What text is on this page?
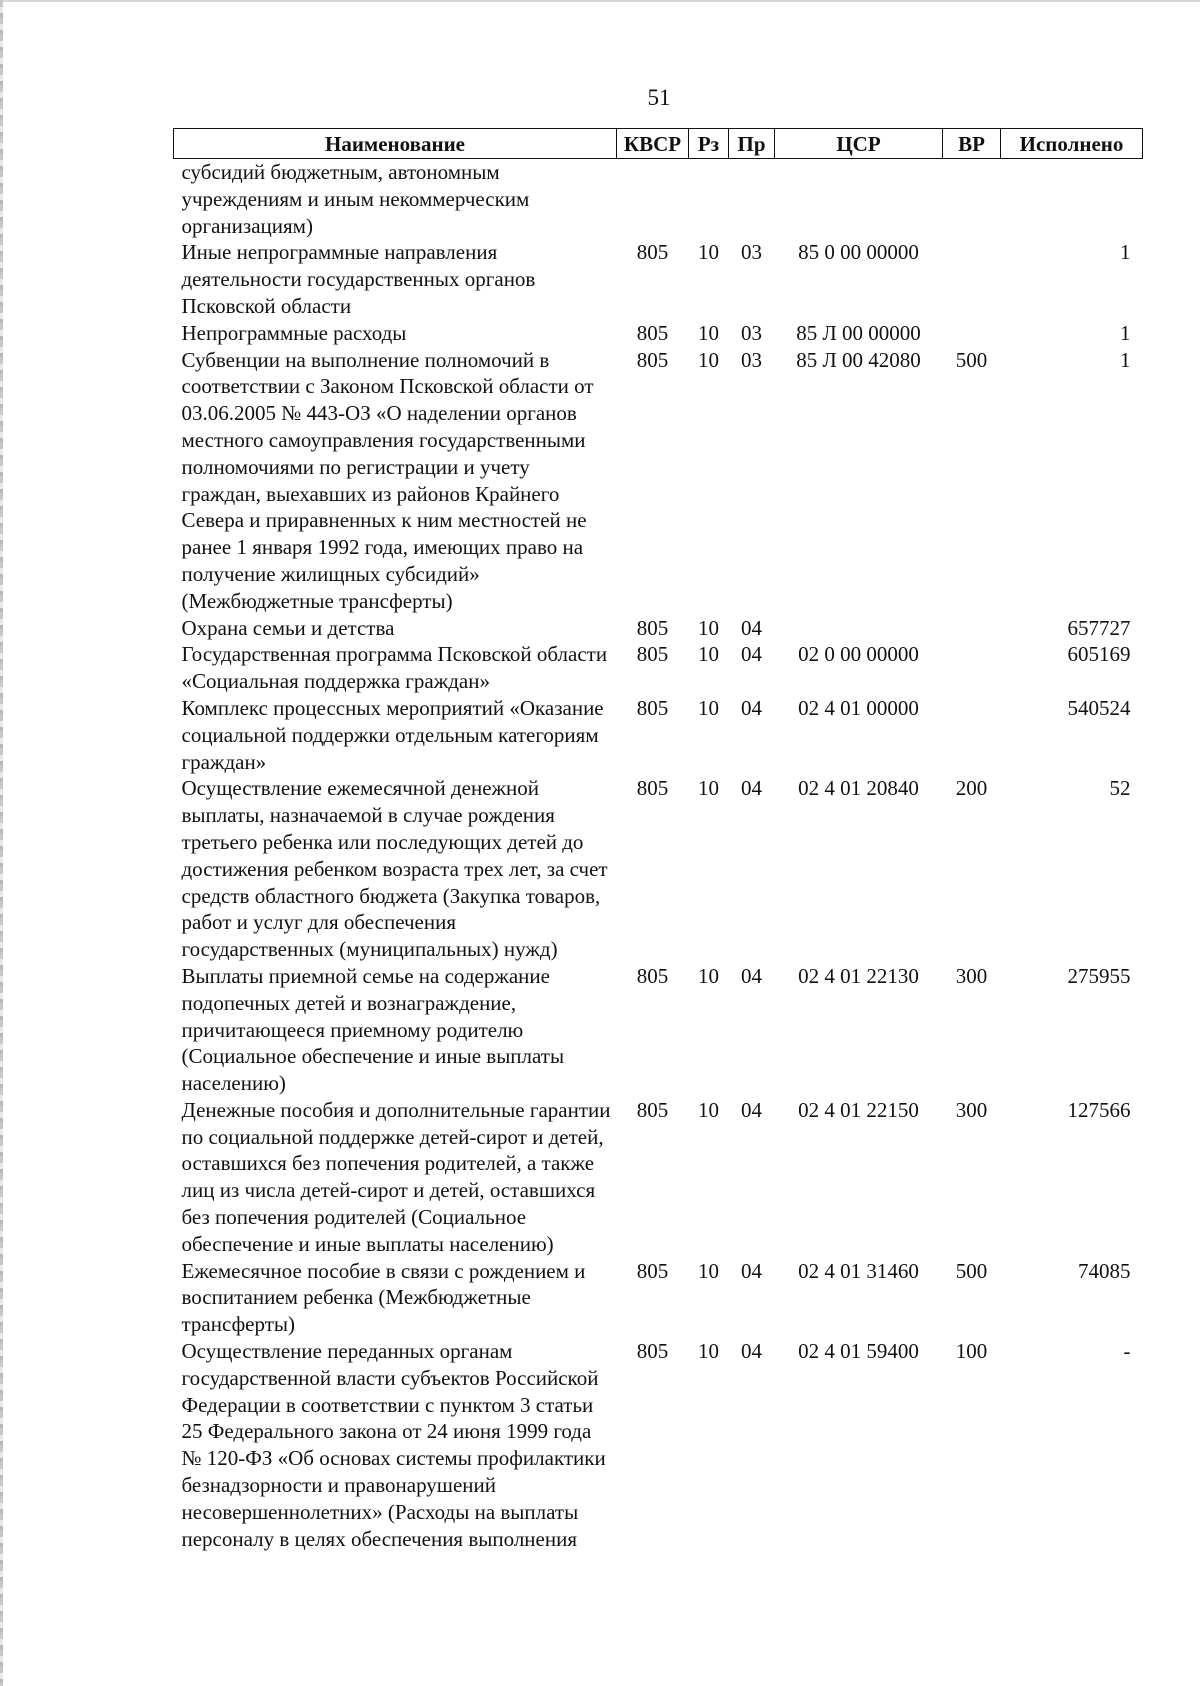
51
Наименование	КВСР	Рз	Пр	ЦСР	ВР	Исполнено
субсидий бюджетным, автономным учреждениям и иным некоммерческим организациям)						
Иные непрограммные направления деятельности государственных органов Псковской области	805	10	03	85 0 00 00000		1
Непрограммные расходы	805	10	03	85 Л 00 00000		1
Субвенции на выполнение полномочий в соответствии с Законом Псковской области от 03.06.2005 № 443-ОЗ «О наделении органов местного самоуправления государственными полномочиями по регистрации и учету граждан, выехавших из районов Крайнего Севера и приравненных к ним местностей не ранее 1 января 1992 года, имеющих право на получение жилищных субсидий» (Межбюджетные трансферты)	805	10	03	85 Л 00 42080	500	1
Охрана семьи и детства	805	10	04			657727
Государственная программа Псковской области «Социальная поддержка граждан»	805	10	04	02 0 00 00000		605169
Комплекс процессных мероприятий «Оказание социальной поддержки отдельным категориям граждан»	805	10	04	02 4 01 00000		540524
Осуществление ежемесячной денежной выплаты, назначаемой в случае рождения третьего ребенка или последующих детей до достижения ребенком возраста трех лет, за счет средств областного бюджета (Закупка товаров, работ и услуг для обеспечения государственных (муниципальных) нужд)	805	10	04	02 4 01 20840	200	52
Выплаты приемной семье на содержание подопечных детей и вознаграждение, причитающееся приемному родителю (Социальное обеспечение и иные выплаты населению)	805	10	04	02 4 01 22130	300	275955
Денежные пособия и дополнительные гарантии по социальной поддержке детей-сирот и детей, оставшихся без попечения родителей, а также лиц из числа детей-сирот и детей, оставшихся без попечения родителей (Социальное обеспечение и иные выплаты населению)	805	10	04	02 4 01 22150	300	127566
Ежемесячное пособие в связи с рождением и воспитанием ребенка (Межбюджетные трансферты)	805	10	04	02 4 01 31460	500	74085
Осуществление переданных органам государственной власти субъектов Российской Федерации в соответствии с пунктом 3 статьи 25 Федерального закона от 24 июня 1999 года № 120-ФЗ «Об основах системы профилактики безнадзорности и правонарушений несовершеннолетних» (Расходы на выплаты персоналу в целях обеспечения выполнения	805	10	04	02 4 01 59400	100	-
